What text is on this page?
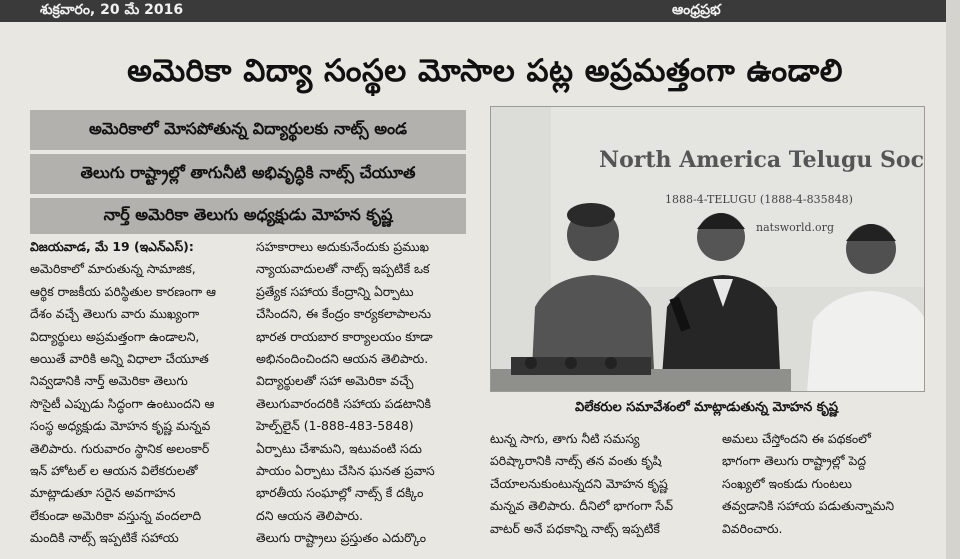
శుక్రవారం, 20 మే 2016	ఆంధ్రప్రభ
అమెరికా విద్యా సంస్థల మోసాల పట్ల అప్రమత్తంగా ఉండాలి
అమెరికాలో మోసపోతున్న విద్యార్థులకు నాట్స్ అండ
తెలుగు రాష్ట్రాల్లో తాగునీటి అభివృద్ధికి నాట్స్ చేయూత
నార్త్ అమెరికా తెలుగు అధ్యక్షుడు మోహన కృష్ణ
North America Telugu Soc
1888-4-TELUGU (1888-4-835848)
natsworld.org
విలేకరుల సమావేశంలో మాట్లాడుతున్న మోహన కృష్ణ
విజయవాడ, మే 19 (ఇఎన్ఎస్):
అమెరికాలో మారుతున్న సామాజిక,
ఆర్థిక రాజకీయ పరిస్థితుల కారణంగా ఆ
దేశం వచ్చే తెలుగు వారు ముఖ్యంగా
విద్యార్థులు అప్రమత్తంగా ఉండాలని,
అయితే వారికి అన్ని విధాలా చేయూత
నివ్వడానికి నార్త్ అమెరికా తెలుగు
సొసైటీ ఎప్పుడు సిద్ధంగా ఉంటుందని ఆ
సంస్థ అధ్యక్షుడు మోహన కృష్ణ మన్నవ
తెలిపారు. గురువారం స్థానిక అలంకార్
ఇన్ హోటల్ ల ఆయన విలేకరులతో
మాట్లాడుతూ సరైన అవగాహన
లేకుండా అమెరికా వస్తున్న వందలాది
మందికి నాట్స్ ఇప్పటికే సహాయ
సహకారాలు అదుకునేందుకు ప్రముఖ
న్యాయవాదులతో నాట్స్ ఇప్పటికే ఒక
ప్రత్యేక సహాయ కేంద్రాన్ని ఏర్పాటు
చేసిందని, ఈ కేంద్రం కార్యకలాపాలను
భారత రాయబార కార్యాలయం కూడా
అభినందించిందని ఆయన తెలిపారు.
విద్యార్థులతో సహా అమెరికా వచ్చే
తెలుగువారందరికి సహాయ పడటానికి
హెల్ప్‌లైన్ (1-888-483-5848)
ఏర్పాటు చేశామని, ఇటువంటి సదు
పాయం ఏర్పాటు చేసిన ఘనత ప్రవాస
భారతీయ సంఘాల్లో నాట్స్ కే దక్కిం
దని ఆయన తెలిపారు.
తెలుగు రాష్ట్రాలు ప్రస్తుతం ఎదుర్కొం
టున్న సాగు, తాగు నీటి సమస్య
పరిష్కారానికి నాట్స్ తన వంతు కృషి
చేయాలనుకుంటున్నదని మోహన కృష్ణ
మన్నవ తెలిపారు. దీనిలో భాగంగా సేవ్
వాటర్ అనే పధకాన్ని నాట్స్ ఇప్పటికే
అమలు చేస్తోందని ఈ పథకంలో
భాగంగా తెలుగు రాష్ట్రాల్లో పెద్ద
సంఖ్యలో ఇంకుడు గుంటలు
తవ్వడానికి సహాయ పడుతున్నామని
వివరించారు.
